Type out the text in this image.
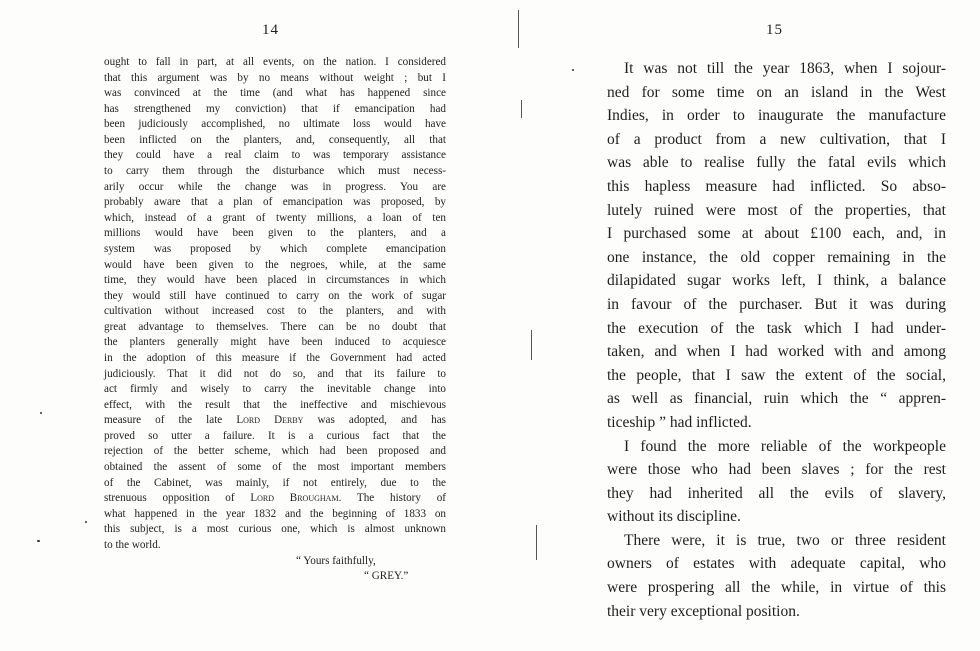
14	15
ought to fall in part, at all events, on the nation. I considered
that this argument was by no means without weight ; but I
was convinced at the time (and what has happened since
has strengthened my conviction) that if emancipation had
been judiciously accomplished, no ultimate loss would have
been inflicted on the planters, and, consequently, all that
they could have a real claim to was temporary assistance
to carry them through the disturbance which must necess-
arily occur while the change was in progress. You are
probably aware that a plan of emancipation was proposed, by
which, instead of a grant of twenty millions, a loan of ten
millions would have been given to the planters, and a
system was proposed by which complete emancipation
would have been given to the negroes, while, at the same
time, they would have been placed in circumstances in which
they would still have continued to carry on the work of sugar
cultivation without increased cost to the planters, and with
great advantage to themselves. There can be no doubt that
the planters generally might have been induced to acquiesce
in the adoption of this measure if the Government had acted
judiciously. That it did not do so, and that its failure to
act firmly and wisely to carry the inevitable change into
effect, with the result that the ineffective and mischievous
measure of the late Lord Derby was adopted, and has
proved so utter a failure. It is a curious fact that the
rejection of the better scheme, which had been proposed and
obtained the assent of some of the most important members
of the Cabinet, was mainly, if not entirely, due to the
strenuous opposition of Lord Brougham. The history of
what happened in the year 1832 and the beginning of 1833 on
this subject, is a most curious one, which is almost unknown
to the world.
“ Yours faithfully,
“ GREY.”
It was not till the year 1863, when I sojour-
ned for some time on an island in the West
Indies, in order to inaugurate the manufacture
of a product from a new cultivation, that I
was able to realise fully the fatal evils which
this hapless measure had inflicted. So abso-
lutely ruined were most of the properties, that
I purchased some at about £100 each, and, in
one instance, the old copper remaining in the
dilapidated sugar works left, I think, a balance
in favour of the purchaser. But it was during
the execution of the task which I had under-
taken, and when I had worked with and among
the people, that I saw the extent of the social,
as well as financial, ruin which the “ appren-
ticeship ” had inflicted.
I found the more reliable of the workpeople
were those who had been slaves ; for the rest
they had inherited all the evils of slavery,
without its discipline.
There were, it is true, two or three resident
owners of estates with adequate capital, who
were prospering all the while, in virtue of this
their very exceptional position.
